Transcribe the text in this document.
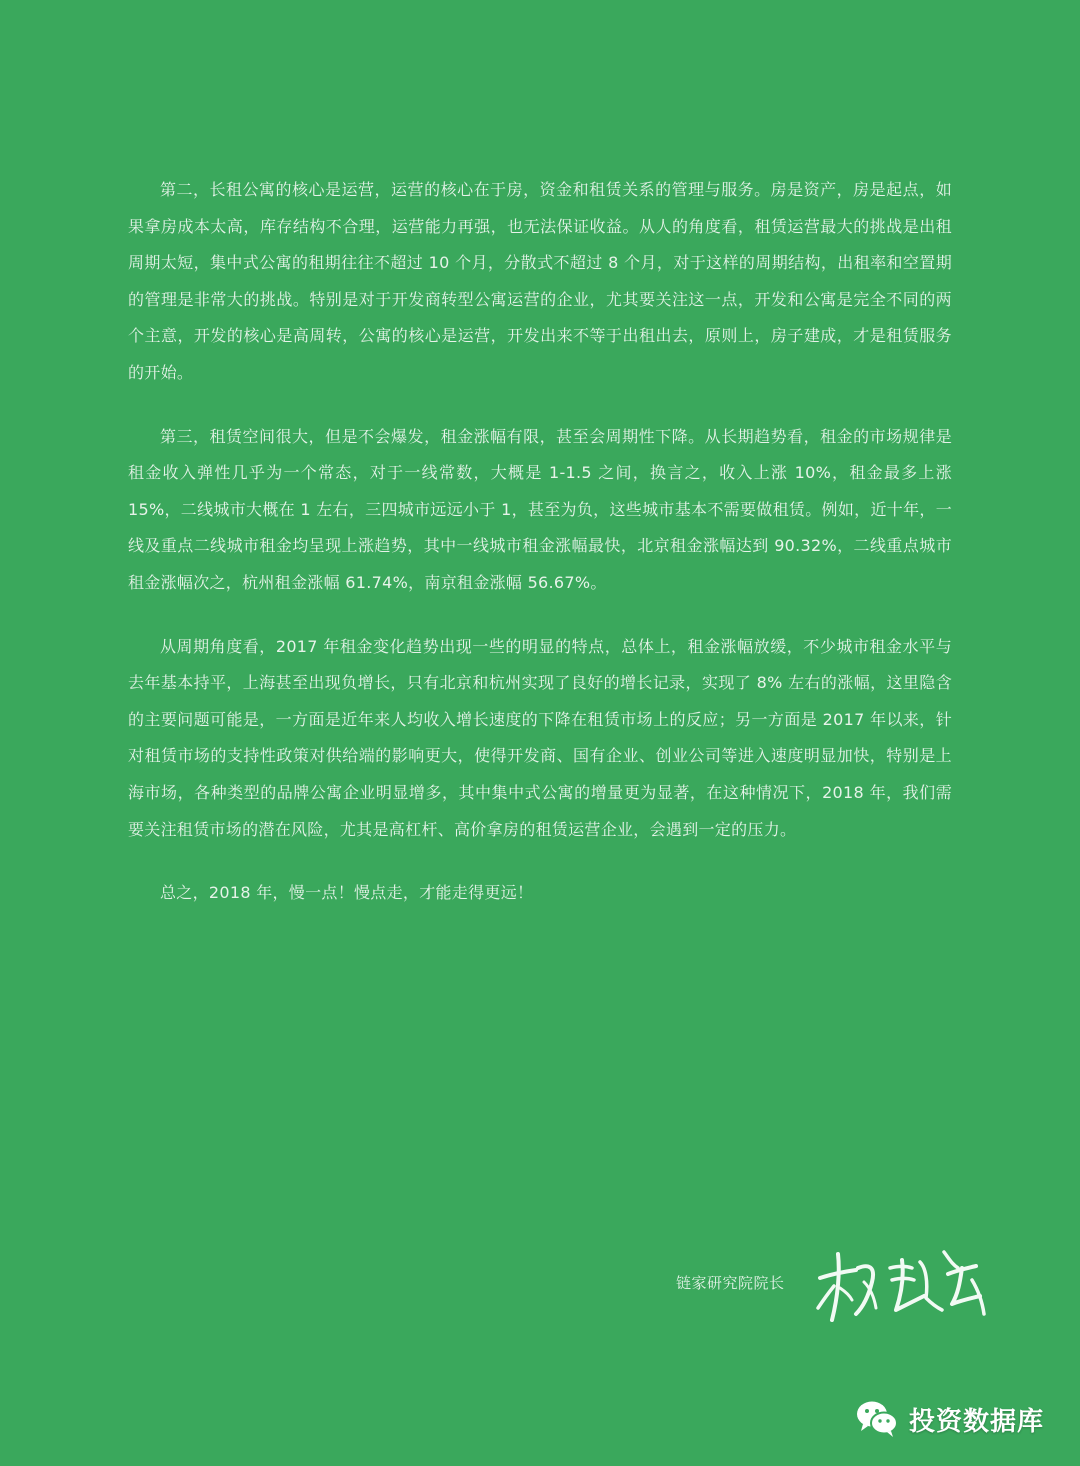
第二，长租公寓的核心是运营，运营的核心在于房，资金和租赁关系的管理与服务。房是资产，房是起点，如果拿房成本太高，库存结构不合理，运营能力再强，也无法保证收益。从人的角度看，租赁运营最大的挑战是出租周期太短，集中式公寓的租期往往不超过 10 个月，分散式不超过 8 个月，对于这样的周期结构，出租率和空置期的管理是非常大的挑战。特别是对于开发商转型公寓运营的企业，尤其要关注这一点，开发和公寓是完全不同的两个主意，开发的核心是高周转，公寓的核心是运营，开发出来不等于出租出去，原则上，房子建成，才是租赁服务的开始。

第三，租赁空间很大，但是不会爆发，租金涨幅有限，甚至会周期性下降。从长期趋势看，租金的市场规律是租金收入弹性几乎为一个常态，对于一线常数，大概是 1-1.5 之间，换言之，收入上涨 10%，租金最多上涨 15%，二线城市大概在 1 左右，三四城市远远小于 1，甚至为负，这些城市基本不需要做租赁。例如，近十年，一线及重点二线城市租金均呈现上涨趋势，其中一线城市租金涨幅最快，北京租金涨幅达到 90.32%，二线重点城市租金涨幅次之，杭州租金涨幅 61.74%，南京租金涨幅 56.67%。

从周期角度看，2017 年租金变化趋势出现一些的明显的特点，总体上，租金涨幅放缓，不少城市租金水平与去年基本持平，上海甚至出现负增长，只有北京和杭州实现了良好的增长记录，实现了 8% 左右的涨幅，这里隐含的主要问题可能是，一方面是近年来人均收入增长速度的下降在租赁市场上的反应；另一方面是 2017 年以来，针对租赁市场的支持性政策对供给端的影响更大，使得开发商、国有企业、创业公司等进入速度明显加快，特别是上海市场，各种类型的品牌公寓企业明显增多，其中集中式公寓的增量更为显著，在这种情况下，2018 年，我们需要关注租赁市场的潜在风险，尤其是高杠杆、高价拿房的租赁运营企业，会遇到一定的压力。

总之，2018 年，慢一点！慢点走，才能走得更远！

链家研究院院长
投资数据库
